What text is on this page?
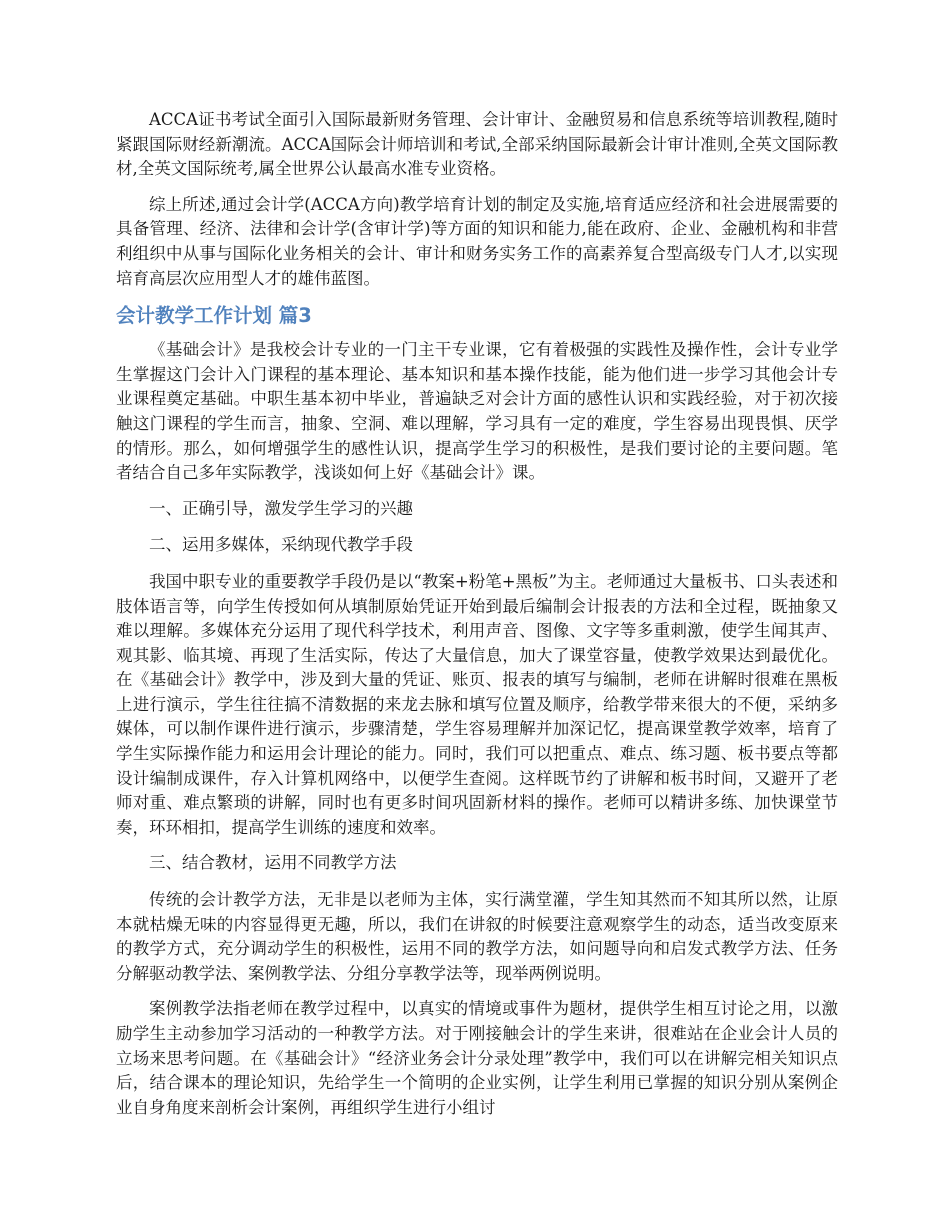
ACCA证书考试全面引入国际最新财务管理、会计审计、金融贸易和信息系统等培训教程,随时紧跟国际财经新潮流。ACCA国际会计师培训和考试,全部采纳国际最新会计审计准则,全英文国际教材,全英文国际统考,属全世界公认最高水准专业资格。

综上所述,通过会计学(ACCA方向)教学培育计划的制定及实施,培育适应经济和社会进展需要的具备管理、经济、法律和会计学(含审计学)等方面的知识和能力,能在政府、企业、金融机构和非营利组织中从事与国际化业务相关的会计、审计和财务实务工作的高素养复合型高级专门人才,以实现培育高层次应用型人才的雄伟蓝图。

会计教学工作计划 篇3

《基础会计》是我校会计专业的一门主干专业课，它有着极强的实践性及操作性，会计专业学生掌握这门会计入门课程的基本理论、基本知识和基本操作技能，能为他们进一步学习其他会计专业课程奠定基础。中职生基本初中毕业，普遍缺乏对会计方面的感性认识和实践经验，对于初次接触这门课程的学生而言，抽象、空洞、难以理解，学习具有一定的难度，学生容易出现畏惧、厌学的情形。那么，如何增强学生的感性认识，提高学生学习的积极性，是我们要讨论的主要问题。笔者结合自己多年实际教学，浅谈如何上好《基础会计》课。

一、正确引导，激发学生学习的兴趣

二、运用多媒体，采纳现代教学手段

我国中职专业的重要教学手段仍是以“教案+粉笔+黑板”为主。老师通过大量板书、口头表述和肢体语言等，向学生传授如何从填制原始凭证开始到最后编制会计报表的方法和全过程，既抽象又难以理解。多媒体充分运用了现代科学技术，利用声音、图像、文字等多重刺激，使学生闻其声、观其影、临其境、再现了生活实际，传达了大量信息，加大了课堂容量，使教学效果达到最优化。在《基础会计》教学中，涉及到大量的凭证、账页、报表的填写与编制，老师在讲解时很难在黑板上进行演示，学生往往搞不清数据的来龙去脉和填写位置及顺序，给教学带来很大的不便，采纳多媒体，可以制作课件进行演示，步骤清楚，学生容易理解并加深记忆，提高课堂教学效率，培育了学生实际操作能力和运用会计理论的能力。同时，我们可以把重点、难点、练习题、板书要点等都设计编制成课件，存入计算机网络中，以便学生查阅。这样既节约了讲解和板书时间，又避开了老师对重、难点繁琐的讲解，同时也有更多时间巩固新材料的操作。老师可以精讲多练、加快课堂节奏，环环相扣，提高学生训练的速度和效率。

三、结合教材，运用不同教学方法

传统的会计教学方法，无非是以老师为主体，实行满堂灌，学生知其然而不知其所以然，让原本就枯燥无味的内容显得更无趣，所以，我们在讲叙的时候要注意观察学生的动态，适当改变原来的教学方式，充分调动学生的积极性，运用不同的教学方法，如问题导向和启发式教学方法、任务分解驱动教学法、案例教学法、分组分享教学法等，现举两例说明。

案例教学法指老师在教学过程中，以真实的情境或事件为题材，提供学生相互讨论之用，以激励学生主动参加学习活动的一种教学方法。对于刚接触会计的学生来讲，很难站在企业会计人员的立场来思考问题。在《基础会计》“经济业务会计分录处理”教学中，我们可以在讲解完相关知识点后，结合课本的理论知识，先给学生一个简明的企业实例，让学生利用已掌握的知识分别从案例企业自身角度来剖析会计案例，再组织学生进行小组讨
